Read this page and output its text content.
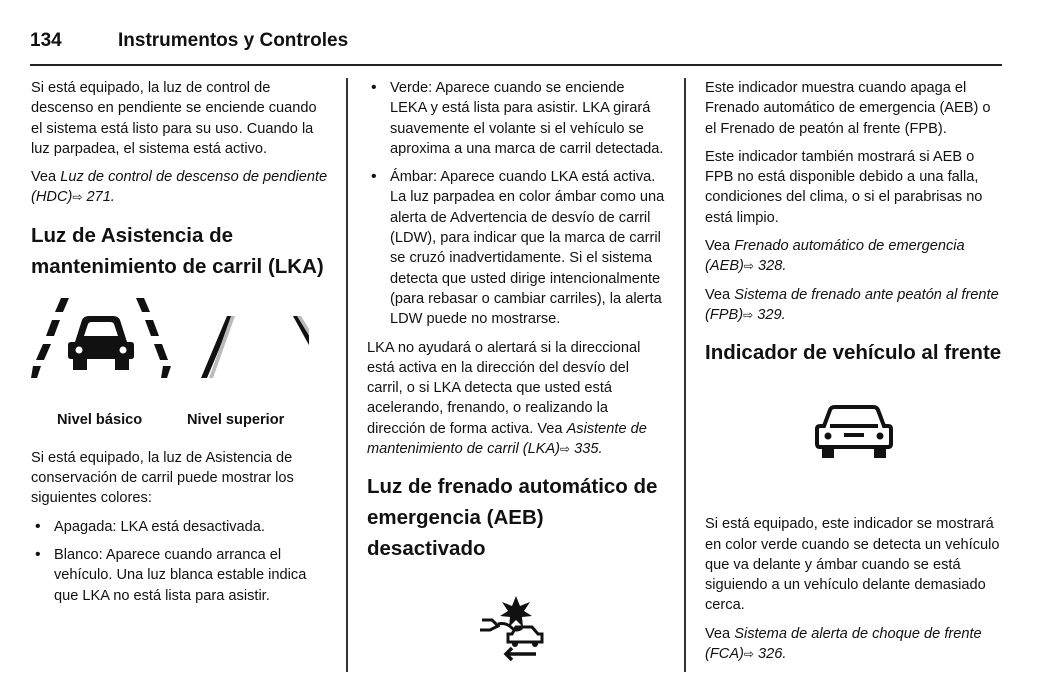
134	Instrumentos y Controles

Si está equipado, la luz de control de descenso en pendiente se enciende cuando el sistema está listo para su uso. Cuando la luz parpadea, el sistema está activo.

Vea Luz de control de descenso de pendiente (HDC)⇨ 271.

Luz de Asistencia de mantenimiento de carril (LKA)
Nivel básico	Nivel superior

Si está equipado, la luz de Asistencia de conservación de carril puede mostrar los siguientes colores:

• Apagada: LKA está desactivada.
• Blanco: Aparece cuando arranca el vehículo. Una luz blanca estable indica que LKA no está lista para asistir.
• Verde: Aparece cuando se enciende LEKA y está lista para asistir. LKA girará suavemente el volante si el vehículo se aproxima a una marca de carril detectada.
• Ámbar: Aparece cuando LKA está activa. La luz parpadea en color ámbar como una alerta de Advertencia de desvío de carril (LDW), para indicar que la marca de carril se cruzó inadvertidamente. Si el sistema detecta que usted dirige intencionalmente (para rebasar o cambiar carriles), la alerta LDW puede no mostrarse.

LKA no ayudará o alertará si la direccional está activa en la dirección del desvío del carril, o si LKA detecta que usted está acelerando, frenando, o realizando la dirección de forma activa. Vea Asistente de mantenimiento de carril (LKA)⇨ 335.

Luz de frenado automático de emergencia (AEB) desactivado

Este indicador muestra cuando apaga el Frenado automático de emergencia (AEB) o el Frenado de peatón al frente (FPB).

Este indicador también mostrará si AEB o FPB no está disponible debido a una falla, condiciones del clima, o si el parabrisas no está limpio.

Vea Frenado automático de emergencia (AEB)⇨ 328.

Vea Sistema de frenado ante peatón al frente (FPB)⇨ 329.

Indicador de vehículo al frente

Si está equipado, este indicador se mostrará en color verde cuando se detecta un vehículo que va delante y ámbar cuando se está siguiendo a un vehículo delante demasiado cerca.

Vea Sistema de alerta de choque de frente (FCA)⇨ 326.
